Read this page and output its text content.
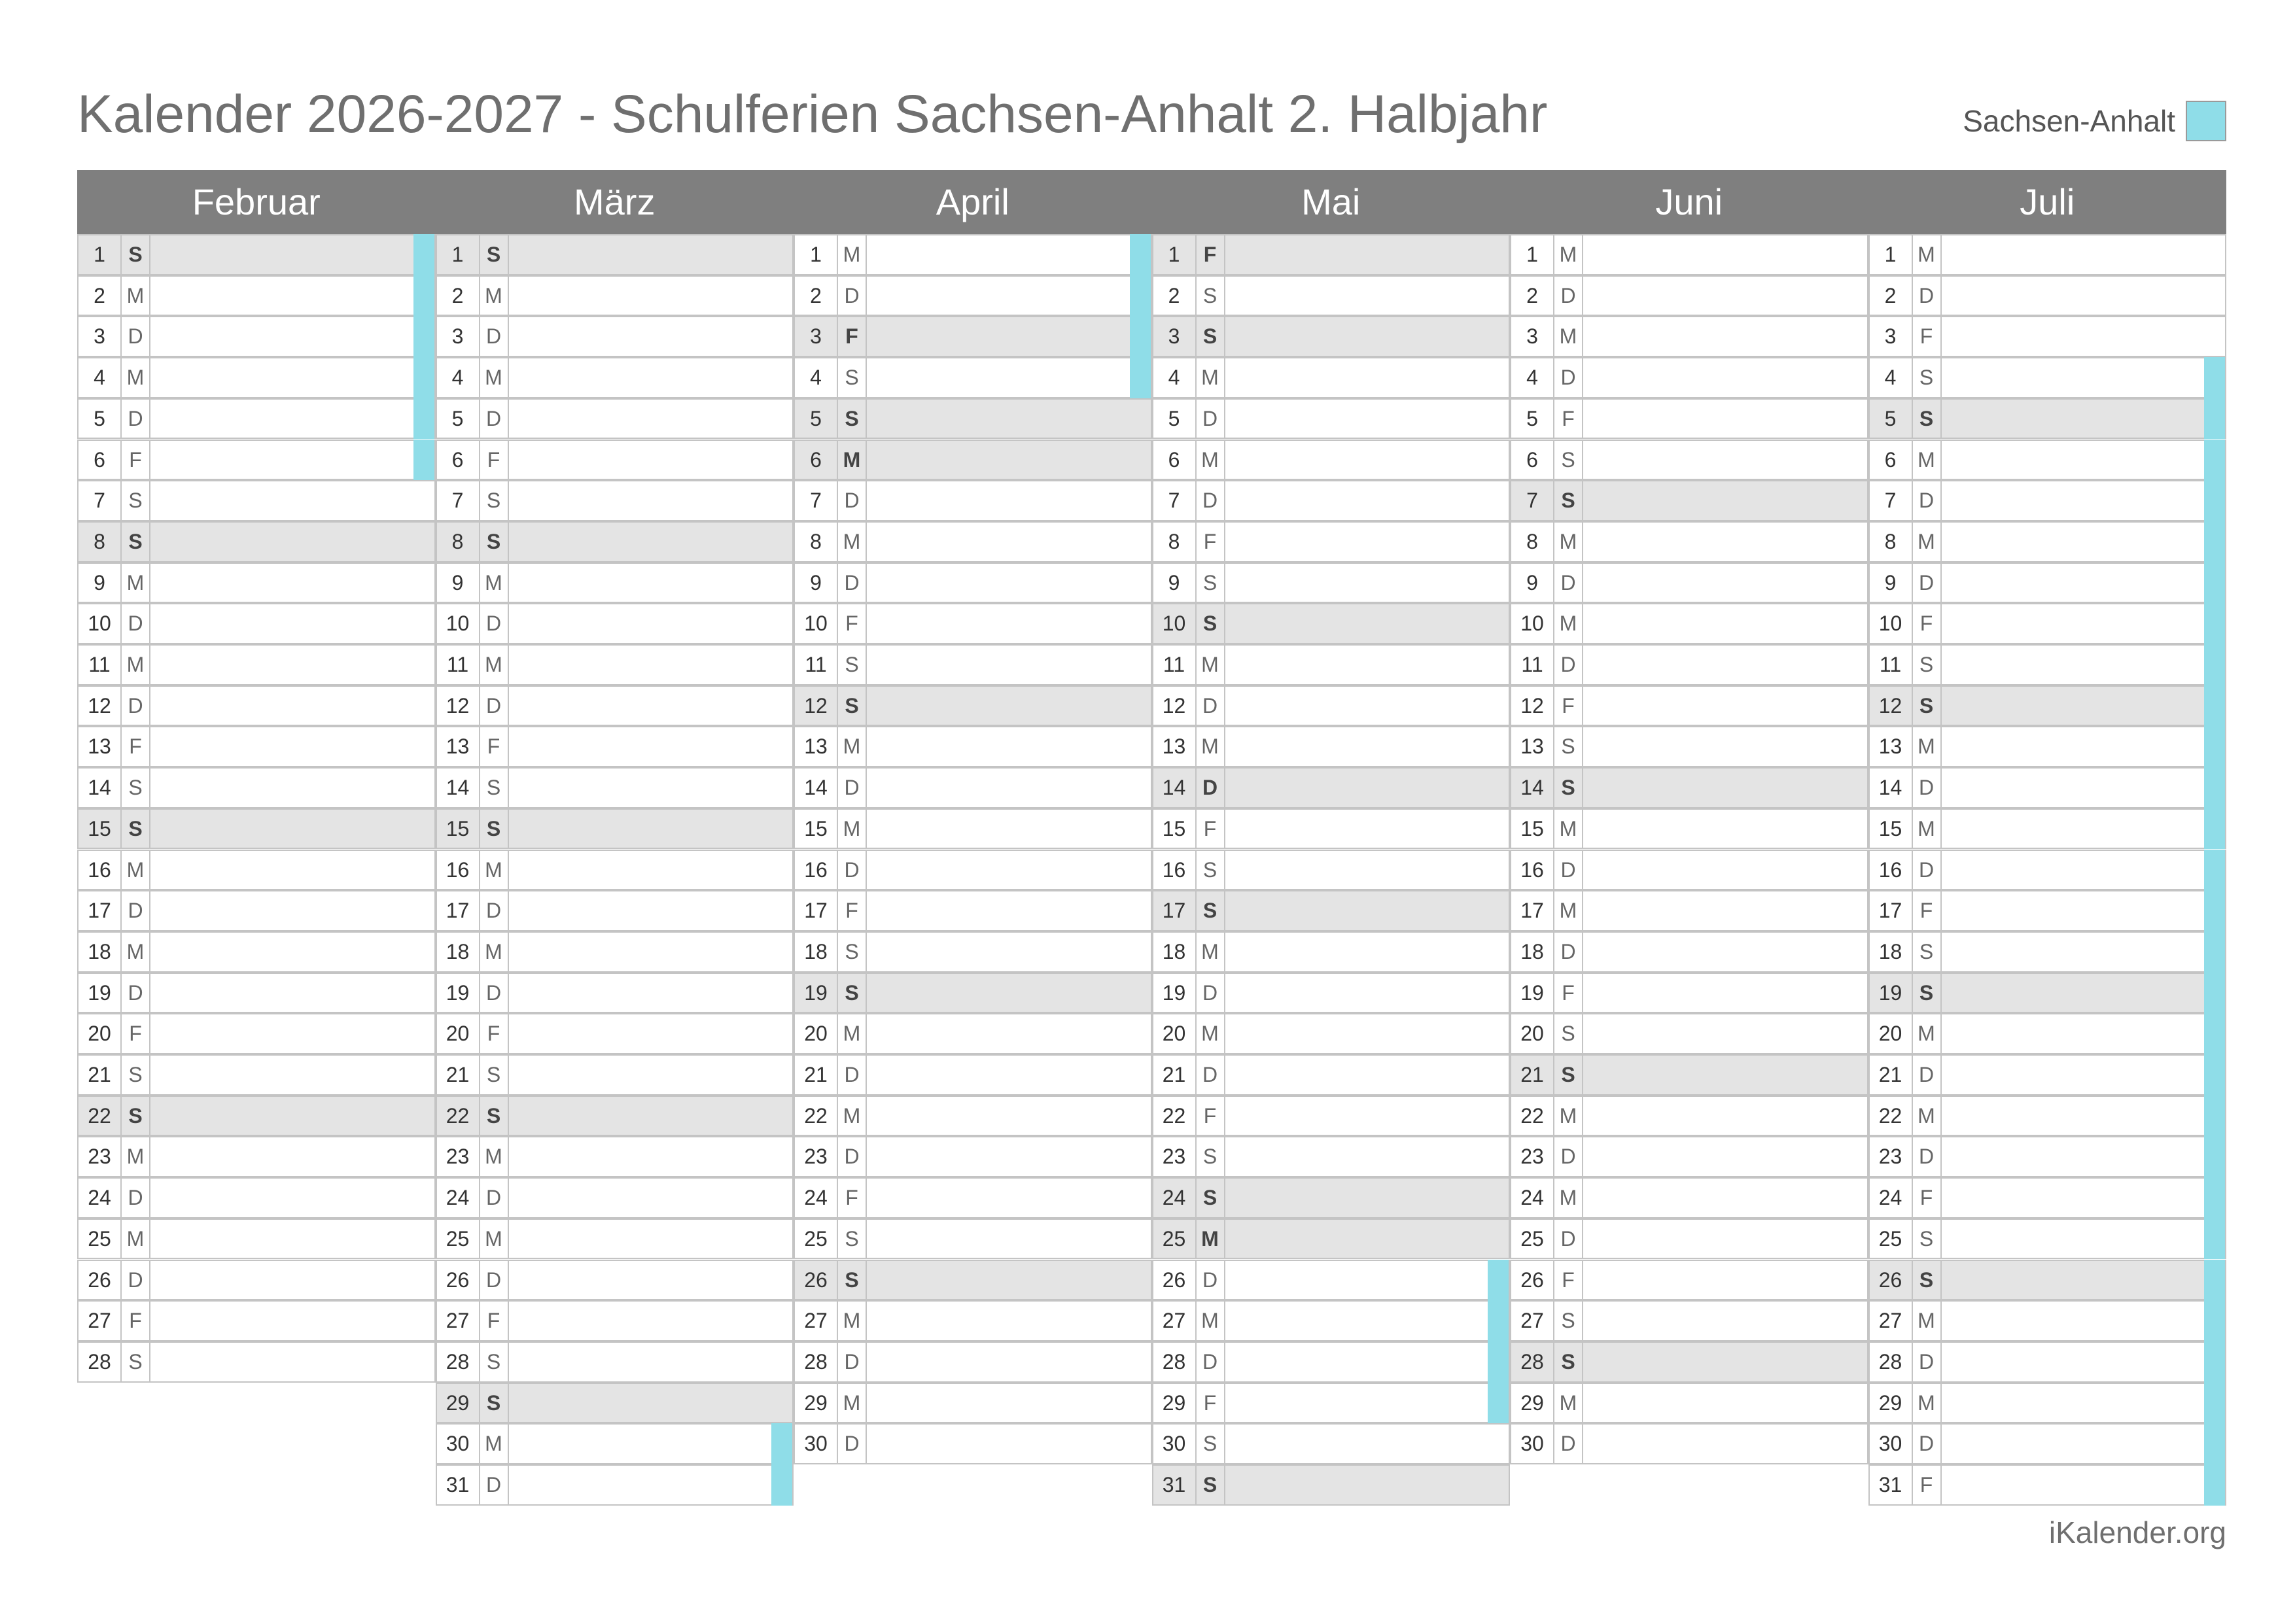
Kalender 2026-2027 - Schulferien Sachsen-Anhalt 2. Halbjahr	Sachsen-Anhalt
Februar	März	April	Mai	Juni	Juli
1	S
2	M
3	D
4	M
5	D
6	F
7	S
8	S
9	M
10 D
11 M
12 D
13 F
14 S
15 S
16 M
17 D
18 M
19 D
20 F
21 S
22 S
23 M
24 D
25 M
26 D
27 F
28 S
1	S
2	M
3	D
4	M
5	D
6	F
7	S
8	S
9	M
10 D
11 M
12 D
13 F
14 S
15 S
16 M
17 D
18 M
19 D
20 F
21 S
22 S
23 M
24 D
25 M
26 D
27 F
28 S
29 S
30 M
31 D
1	M
2	D
3	F
4	S
5	S
6	M
7	D
8	M
9	D
10 F
11 S
12 S
13 M
14 D
15 M
16 D
17 F
18 S
19 S
20 M
21 D
22 M
23 D
24 F
25 S
26 S
27 M
28 D
29 M
30 D
1	F
2	S
3	S
4	M
5	D
6	M
7	D
8	F
9	S
10 S
11 M
12 D
13 M
14 D
15 F
16 S
17 S
18 M
19 D
20 M
21 D
22 F
23 S
24 S
25 M
26 D
27 M
28 D
29 F
30 S
31 S
1	M
2	D
3	M
4	D
5	F
6	S
7	S
8	M
9	D
10 M
11 D
12 F
13 S
14 S
15 M
16 D
17 M
18 D
19 F
20 S
21 S
22 M
23 D
24 M
25 D
26 F
27 S
28 S
29 M
30 D
1	M
2	D
3	F
4	S
5	S
6	M
7	D
8	M
9	D
10 F
11 S
12 S
13 M
14 D
15 M
16 D
17 F
18 S
19 S
20 M
21 D
22 M
23 D
24 F
25 S
26 S
27 M
28 D
29 M
30 D
31 F
iKalender.org
